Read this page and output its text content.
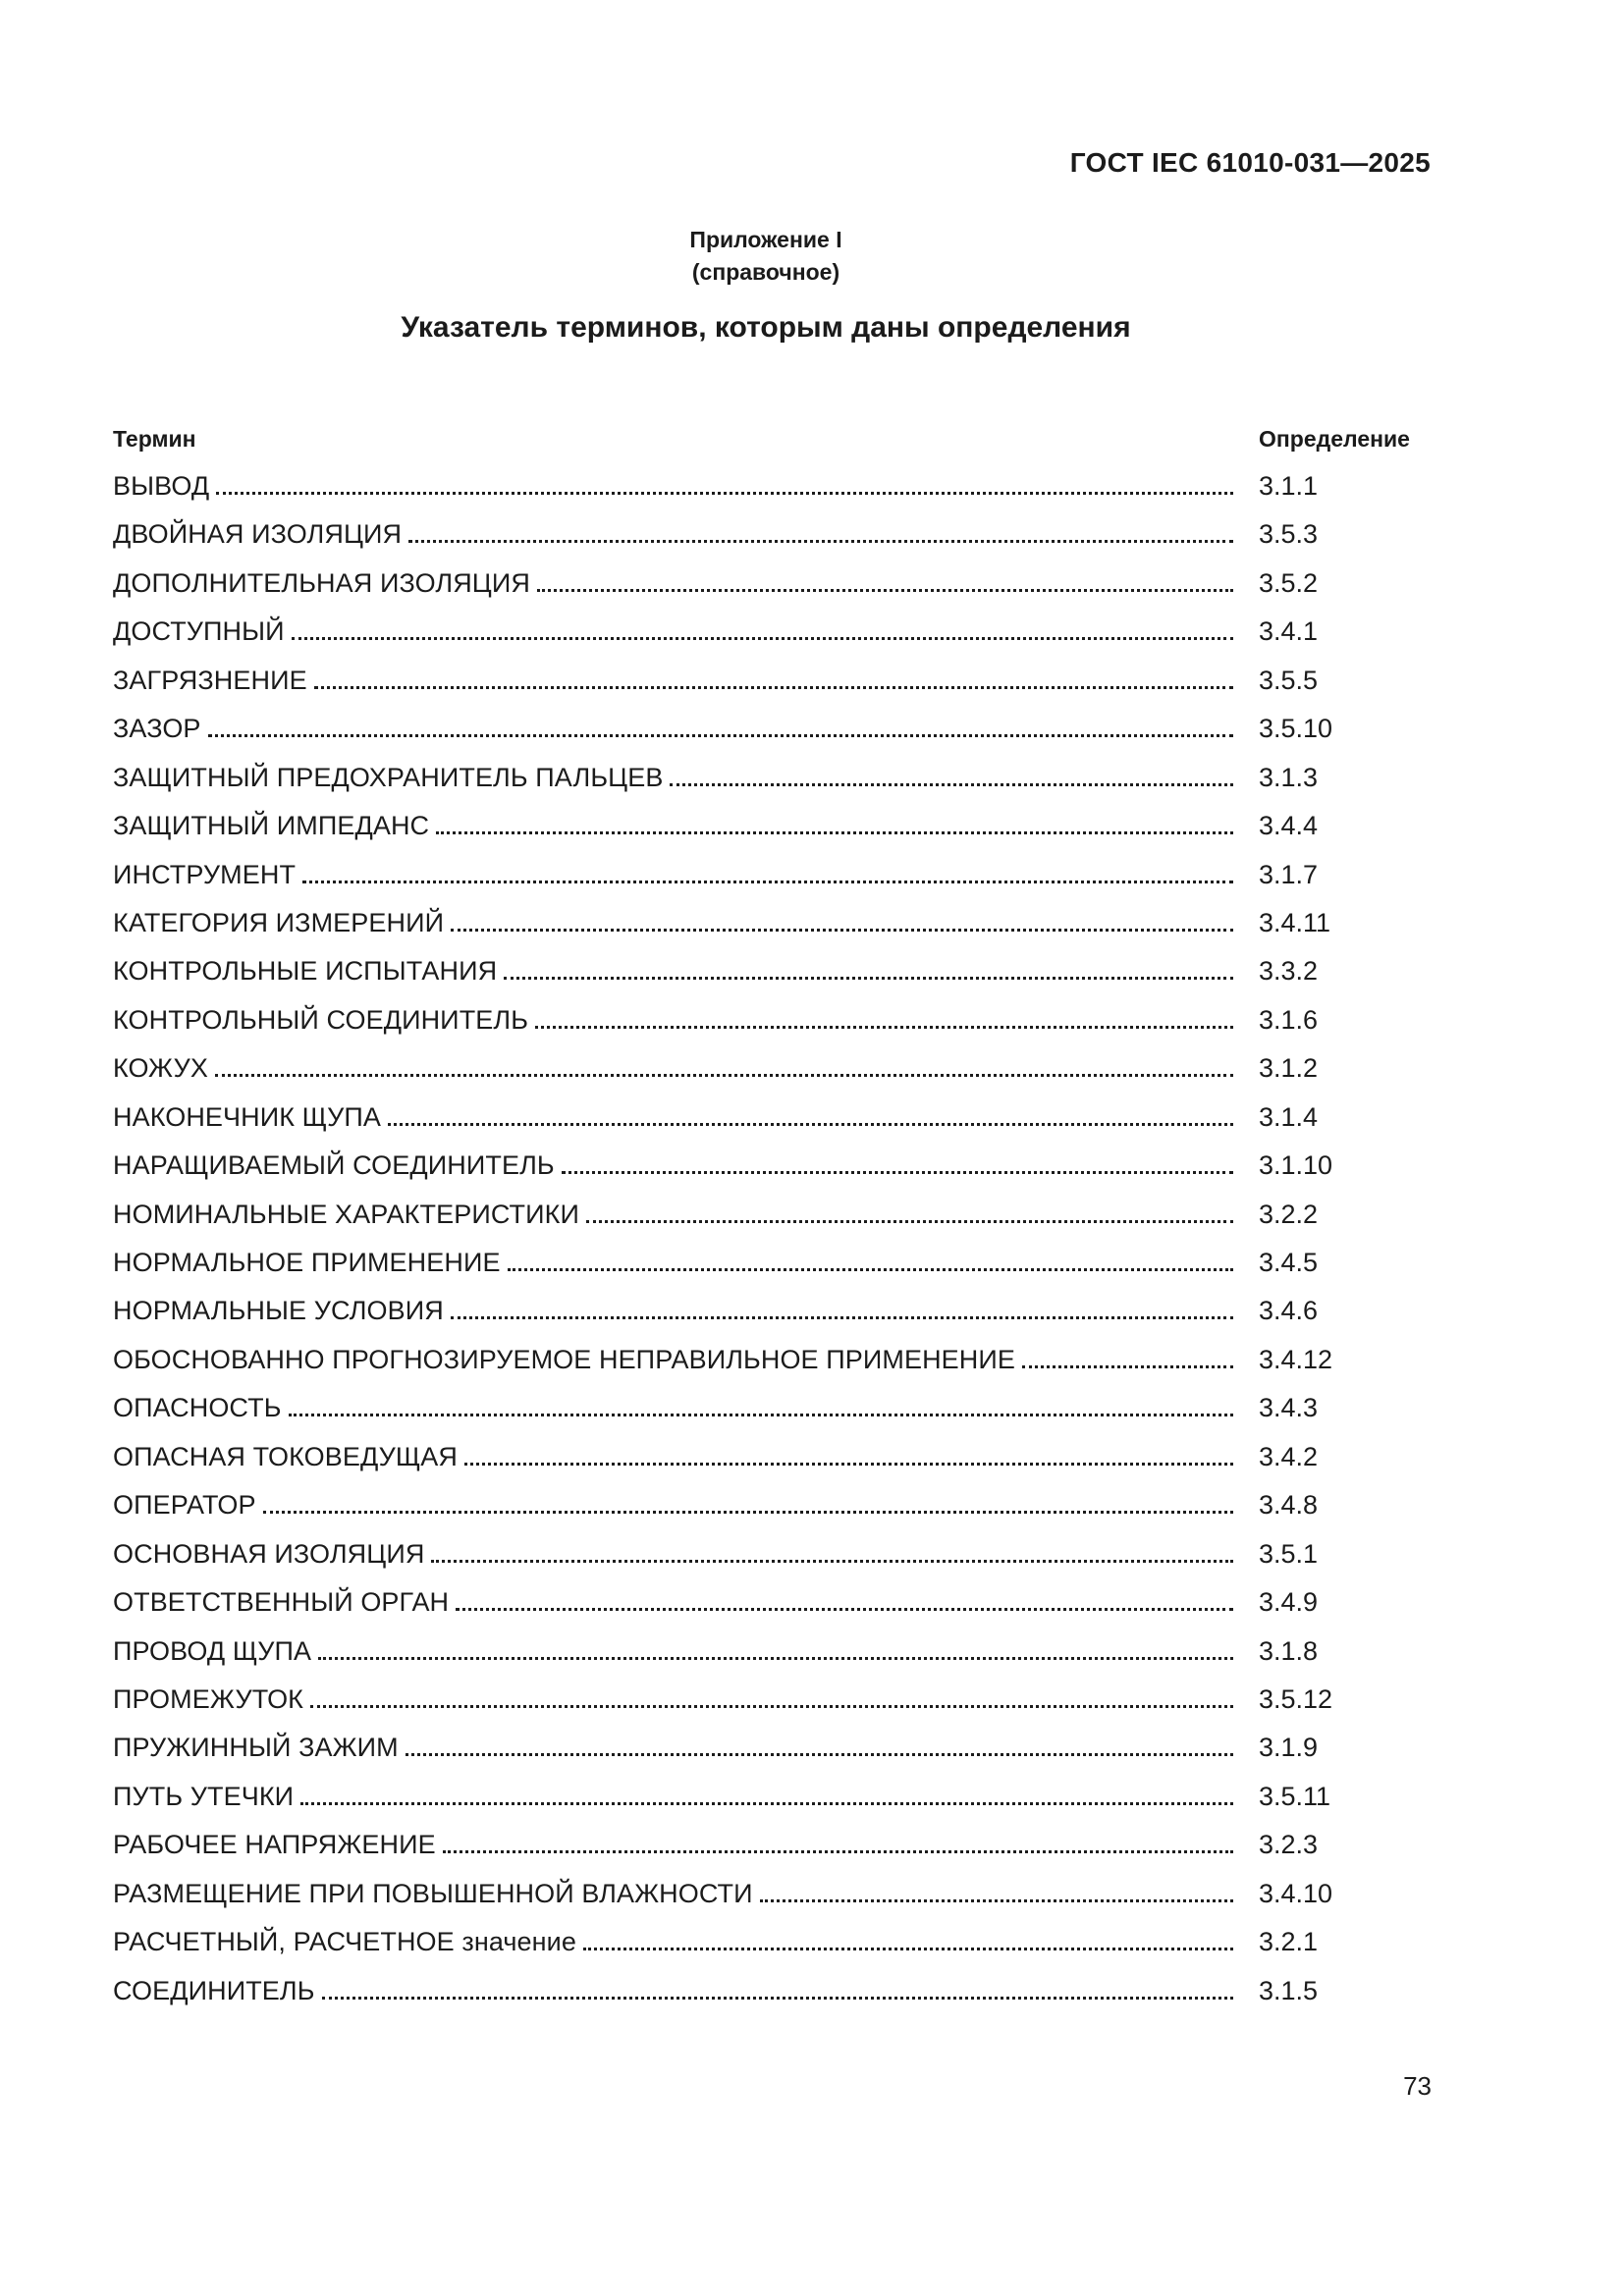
ГОСТ IEC 61010-031—2025
Приложение I
(справочное)
Указатель терминов, которым даны определения
Термин	Определение
ВЫВОД	3.1.1
ДВОЙНАЯ ИЗОЛЯЦИЯ	3.5.3
ДОПОЛНИТЕЛЬНАЯ ИЗОЛЯЦИЯ	3.5.2
ДОСТУПНЫЙ	3.4.1
ЗАГРЯЗНЕНИЕ	3.5.5
ЗАЗОР	3.5.10
ЗАЩИТНЫЙ ПРЕДОХРАНИТЕЛЬ ПАЛЬЦЕВ	3.1.3
ЗАЩИТНЫЙ ИМПЕДАНС	3.4.4
ИНСТРУМЕНТ	3.1.7
КАТЕГОРИЯ ИЗМЕРЕНИЙ	3.4.11
КОНТРОЛЬНЫЕ ИСПЫТАНИЯ	3.3.2
КОНТРОЛЬНЫЙ СОЕДИНИТЕЛЬ	3.1.6
КОЖУХ	3.1.2
НАКОНЕЧНИК ЩУПА	3.1.4
НАРАЩИВАЕМЫЙ СОЕДИНИТЕЛЬ	3.1.10
НОМИНАЛЬНЫЕ ХАРАКТЕРИСТИКИ	3.2.2
НОРМАЛЬНОЕ ПРИМЕНЕНИЕ	3.4.5
НОРМАЛЬНЫЕ УСЛОВИЯ	3.4.6
ОБОСНОВАННО ПРОГНОЗИРУЕМОЕ НЕПРАВИЛЬНОЕ ПРИМЕНЕНИЕ	3.4.12
ОПАСНОСТЬ	3.4.3
ОПАСНАЯ ТОКОВЕДУЩАЯ	3.4.2
ОПЕРАТОР	3.4.8
ОСНОВНАЯ ИЗОЛЯЦИЯ	3.5.1
ОТВЕТСТВЕННЫЙ ОРГАН	3.4.9
ПРОВОД ЩУПА	3.1.8
ПРОМЕЖУТОК	3.5.12
ПРУЖИННЫЙ ЗАЖИМ	3.1.9
ПУТЬ УТЕЧКИ	3.5.11
РАБОЧЕЕ НАПРЯЖЕНИЕ	3.2.3
РАЗМЕЩЕНИЕ ПРИ ПОВЫШЕННОЙ ВЛАЖНОСТИ	3.4.10
РАСЧЕТНЫЙ, РАСЧЕТНОЕ значение	3.2.1
СОЕДИНИТЕЛЬ	3.1.5
73
